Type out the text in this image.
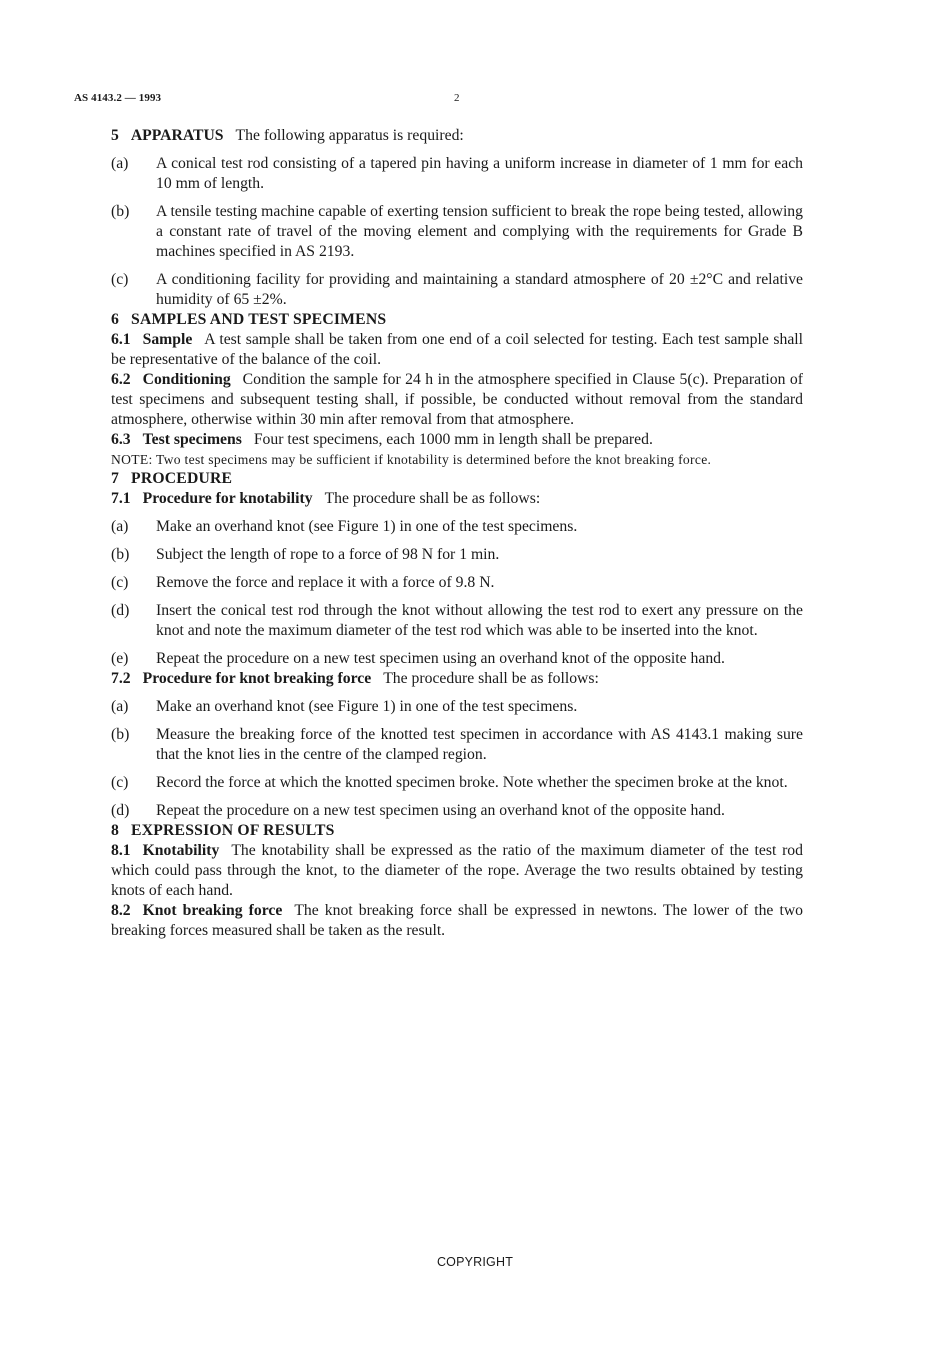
AS 4143.2 — 1993	2

5 APPARATUS The following apparatus is required:

(a) A conical test rod consisting of a tapered pin having a uniform increase in diameter of 1 mm for each 10 mm of length.
(b) A tensile testing machine capable of exerting tension sufficient to break the rope being tested, allowing a constant rate of travel of the moving element and complying with the requirements for Grade B machines specified in AS 2193.
(c) A conditioning facility for providing and maintaining a standard atmosphere of 20 ±2°C and relative humidity of 65 ±2%.

6 SAMPLES AND TEST SPECIMENS

6.1 Sample A test sample shall be taken from one end of a coil selected for testing. Each test sample shall be representative of the balance of the coil.

6.2 Conditioning Condition the sample for 24 h in the atmosphere specified in Clause 5(c). Preparation of test specimens and subsequent testing shall, if possible, be conducted without removal from the standard atmosphere, otherwise within 30 min after removal from that atmosphere.

6.3 Test specimens Four test specimens, each 1000 mm in length shall be prepared.

NOTE: Two test specimens may be sufficient if knotability is determined before the knot breaking force.

7 PROCEDURE

7.1 Procedure for knotability The procedure shall be as follows:

(a) Make an overhand knot (see Figure 1) in one of the test specimens.
(b) Subject the length of rope to a force of 98 N for 1 min.
(c) Remove the force and replace it with a force of 9.8 N.
(d) Insert the conical test rod through the knot without allowing the test rod to exert any pressure on the knot and note the maximum diameter of the test rod which was able to be inserted into the knot.
(e) Repeat the procedure on a new test specimen using an overhand knot of the opposite hand.

7.2 Procedure for knot breaking force The procedure shall be as follows:

(a) Make an overhand knot (see Figure 1) in one of the test specimens.
(b) Measure the breaking force of the knotted test specimen in accordance with AS 4143.1 making sure that the knot lies in the centre of the clamped region.
(c) Record the force at which the knotted specimen broke. Note whether the specimen broke at the knot.
(d) Repeat the procedure on a new test specimen using an overhand knot of the opposite hand.

8 EXPRESSION OF RESULTS

8.1 Knotability The knotability shall be expressed as the ratio of the maximum diameter of the test rod which could pass through the knot, to the diameter of the rope. Average the two results obtained by testing knots of each hand.

8.2 Knot breaking force The knot breaking force shall be expressed in newtons. The lower of the two breaking forces measured shall be taken as the result.

COPYRIGHT
